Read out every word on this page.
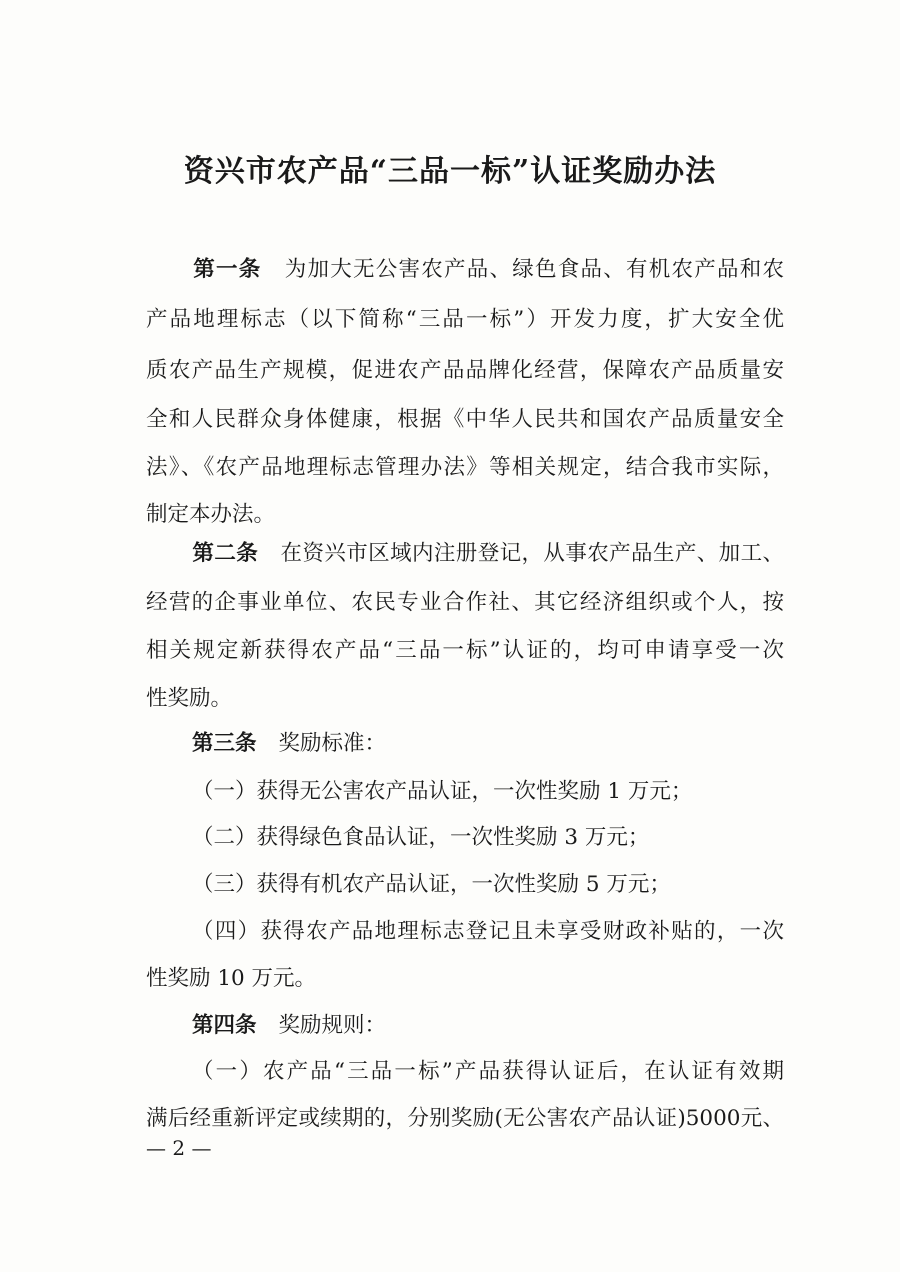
资兴市农产品“三品一标”认证奖励办法
第一条 为加大无公害农产品、绿色食品、有机农产品和农
产品地理标志（以下简称“三品一标”）开发力度，扩大安全优
质农产品生产规模，促进农产品品牌化经营，保障农产品质量安
全和人民群众身体健康，根据《中华人民共和国农产品质量安全
法》、《农产品地理标志管理办法》等相关规定，结合我市实际，
制定本办法。
第二条 在资兴市区域内注册登记，从事农产品生产、加工、
经营的企事业单位、农民专业合作社、其它经济组织或个人，按
相关规定新获得农产品“三品一标”认证的，均可申请享受一次
性奖励。
第三条 奖励标准：
（一）获得无公害农产品认证，一次性奖励 1 万元；
（二）获得绿色食品认证，一次性奖励 3 万元；
（三）获得有机农产品认证，一次性奖励 5 万元；
（四）获得农产品地理标志登记且未享受财政补贴的，一次
性奖励 10 万元。
第四条 奖励规则：
（一）农产品“三品一标”产品获得认证后，在认证有效期
满后经重新评定或续期的，分别奖励(无公害农产品认证)5000元、
— 2 —
